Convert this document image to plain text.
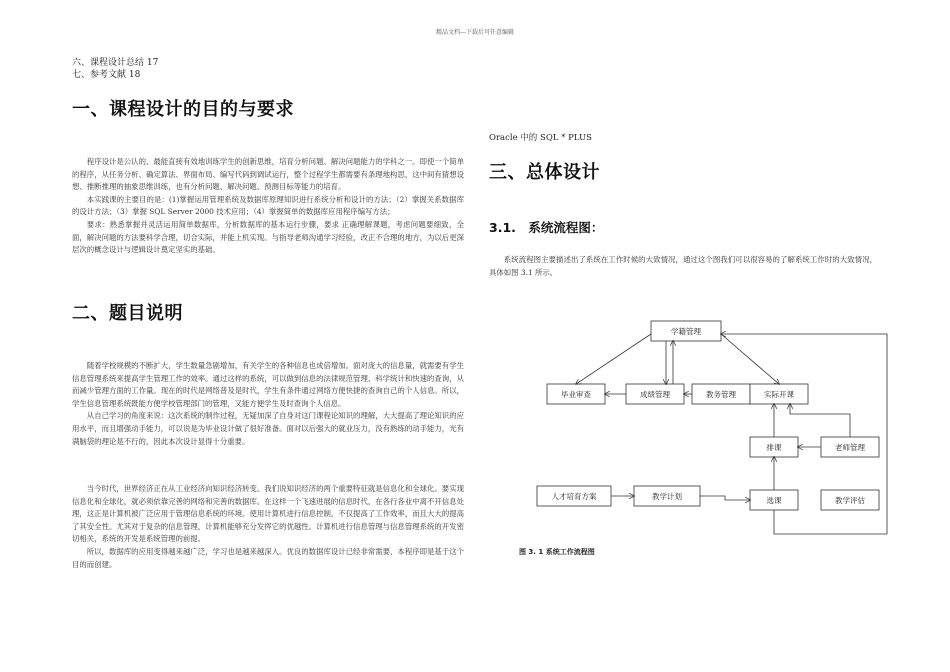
精品文档---下载后可任意编辑
六、课程设计总结 17
七、参考文献 18
一、课程设计的目的与要求

程序设计是公认的、最能直接有效地训练学生的创新思维，培育分析问题、解决问题能力的学科之一。即使一个简单的程序，从任务分析、确定算法、界面布局、编写代码到调试运行，整个过程学生都需要有条理地构思，这中间有猜想设想、推断推理的抽象思维训练，也有分析问题、解决问题、预测目标等能力的培育。

本实践课的主要目的是：(1)掌握运用管理系统及数据库原理知识进行系统分析和设计的方法；（2）掌握关系数据库的设计方法；（3）掌握 SQL Server 2000 技术应用；（4）掌握简单的数据库应用程序编写方法；

要求：熟悉掌握并灵活运用简单数据库，分析数据库的基本运行步骤，要求 正确理解课题，考虑问题要细致，全面，解决问题的方法要科学合理，切合实际，并能上机实现。与指导老师沟通学习经验，改正不合理的地方，为以后更深层次的概念设计与逻辑设计奠定坚实的基础。

二、题目说明

随着学校规模的不断扩大，学生数量急剧增加，有关学生的各种信息也成倍增加。面对庞大的信息量，就需要有学生信息管理系统来提高学生管理工作的效率。通过这样的系统，可以做到信息的法律规范管理、科学统计和快速的查询，从而减少管理方面的工作量。现在的时代是网络普及是时代，学生有条件通过网络方便快捷的查询自己的个人信息。所以，学生信息管理系统既能方便学校管理部门的管理，又能方便学生及时查询个人信息。

从自己学习的角度来说：这次系统的制作过程，无疑加深了自身对这门课程论知识的理解，大大提高了理论知识的应用水平，而且增强动手能力，可以说是为毕业设计做了很好准备。面对以后强大的就业压力，没有熟练的动手能力，光有满脑袋的理论是不行的，因此本次设计显得十分重要。

当今时代，世界经济正在从工业经济向知识经济转变。我们说知识经济的两个重要特征就是信息化和全球化。要实现信息化和全球化，就必须依靠完善的网络和完善的数据库。在这样一个飞速进展的信息时代，在各行各业中离不开信息处理，这正是计算机被广泛应用于管理信息系统的环境。使用计算机进行信息控制，不仅提高了工作效率，而且大大的提高了其安全性。尤其对于复杂的信息管理，计算机能够充分发挥它的优越性。计算机进行信息管理与信息管理系统的开发密切相关，系统的开发是系统管理的前提。

所以，数据库的应用变得越来越广泛，学习也是越来越深入。优良的数据库设计已经非常需要，本程序即是基于这个目的而创建。

Oracle 中的 SQL * PLUS
三、总体设计
3.1.　系统流程图：

系统流程图主要描述出了系统在工作时候的大致情况，通过这个图我们可以很容易的了解系统工作时的大致情况，具体如图 3.1 所示。

学籍管理
毕业审查	成绩管理	教务管理	实际开课
排课	老师管理
人才培育方案	教学计划	选课	教学评估
图 3. 1 系统工作流程图
